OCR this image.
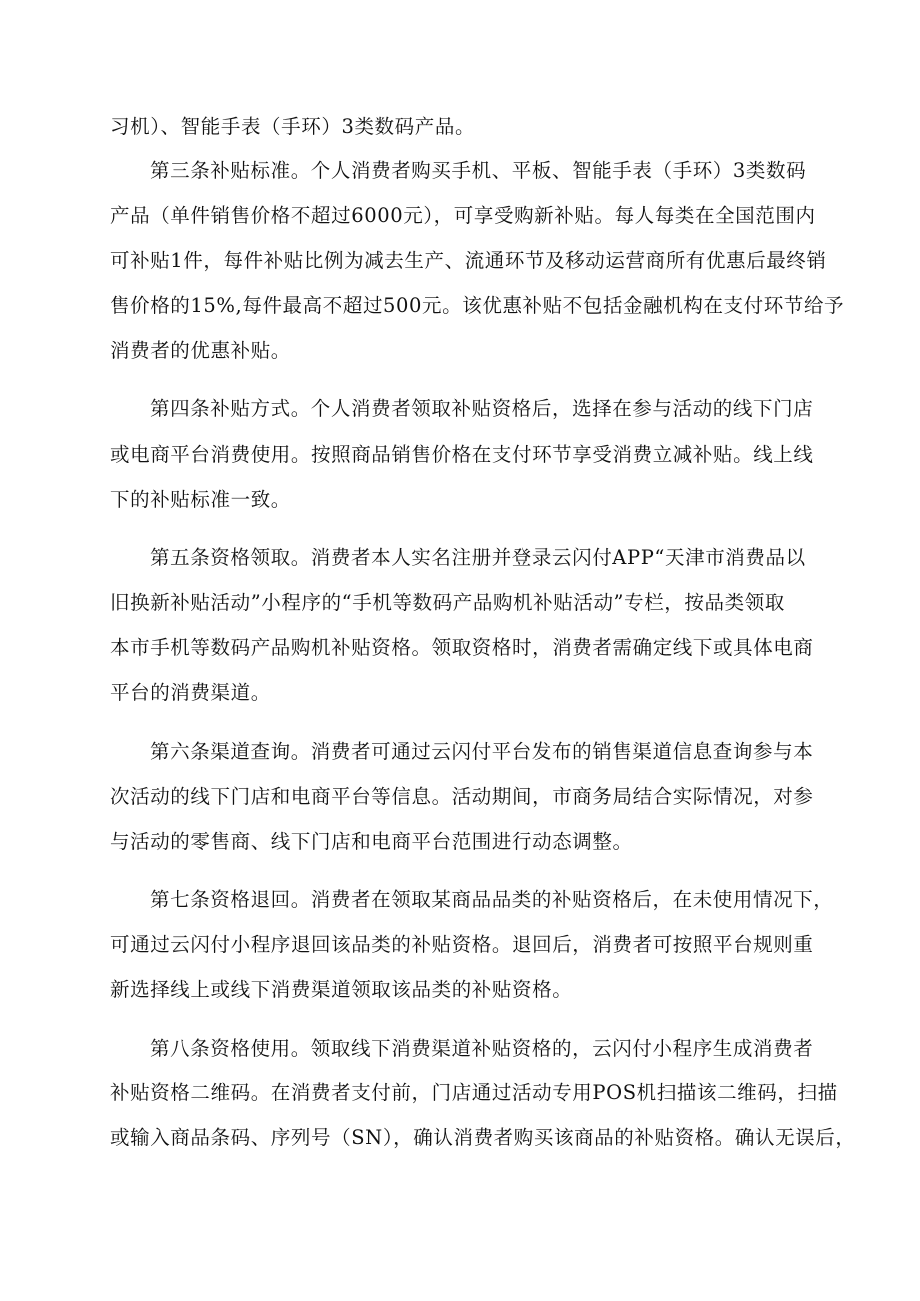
习机）、智能手表（手环）3类数码产品。
第三条补贴标准。个人消费者购买手机、平板、智能手表（手环）3类数码
产品（单件销售价格不超过6000元），可享受购新补贴。每人每类在全国范围内
可补贴1件，每件补贴比例为减去生产、流通环节及移动运营商所有优惠后最终销
售价格的15%,每件最高不超过500元。该优惠补贴不包括金融机构在支付环节给予
消费者的优惠补贴。
第四条补贴方式。个人消费者领取补贴资格后，选择在参与活动的线下门店
或电商平台消费使用。按照商品销售价格在支付环节享受消费立减补贴。线上线
下的补贴标准一致。
第五条资格领取。消费者本人实名注册并登录云闪付APP“天津市消费品以
旧换新补贴活动”小程序的“手机等数码产品购机补贴活动”专栏，按品类领取
本市手机等数码产品购机补贴资格。领取资格时，消费者需确定线下或具体电商
平台的消费渠道。
第六条渠道查询。消费者可通过云闪付平台发布的销售渠道信息查询参与本
次活动的线下门店和电商平台等信息。活动期间，市商务局结合实际情况，对参
与活动的零售商、线下门店和电商平台范围进行动态调整。
第七条资格退回。消费者在领取某商品品类的补贴资格后，在未使用情况下，
可通过云闪付小程序退回该品类的补贴资格。退回后，消费者可按照平台规则重
新选择线上或线下消费渠道领取该品类的补贴资格。
第八条资格使用。领取线下消费渠道补贴资格的，云闪付小程序生成消费者
补贴资格二维码。在消费者支付前，门店通过活动专用POS机扫描该二维码，扫描
或输入商品条码、序列号（SN），确认消费者购买该商品的补贴资格。确认无误后，
